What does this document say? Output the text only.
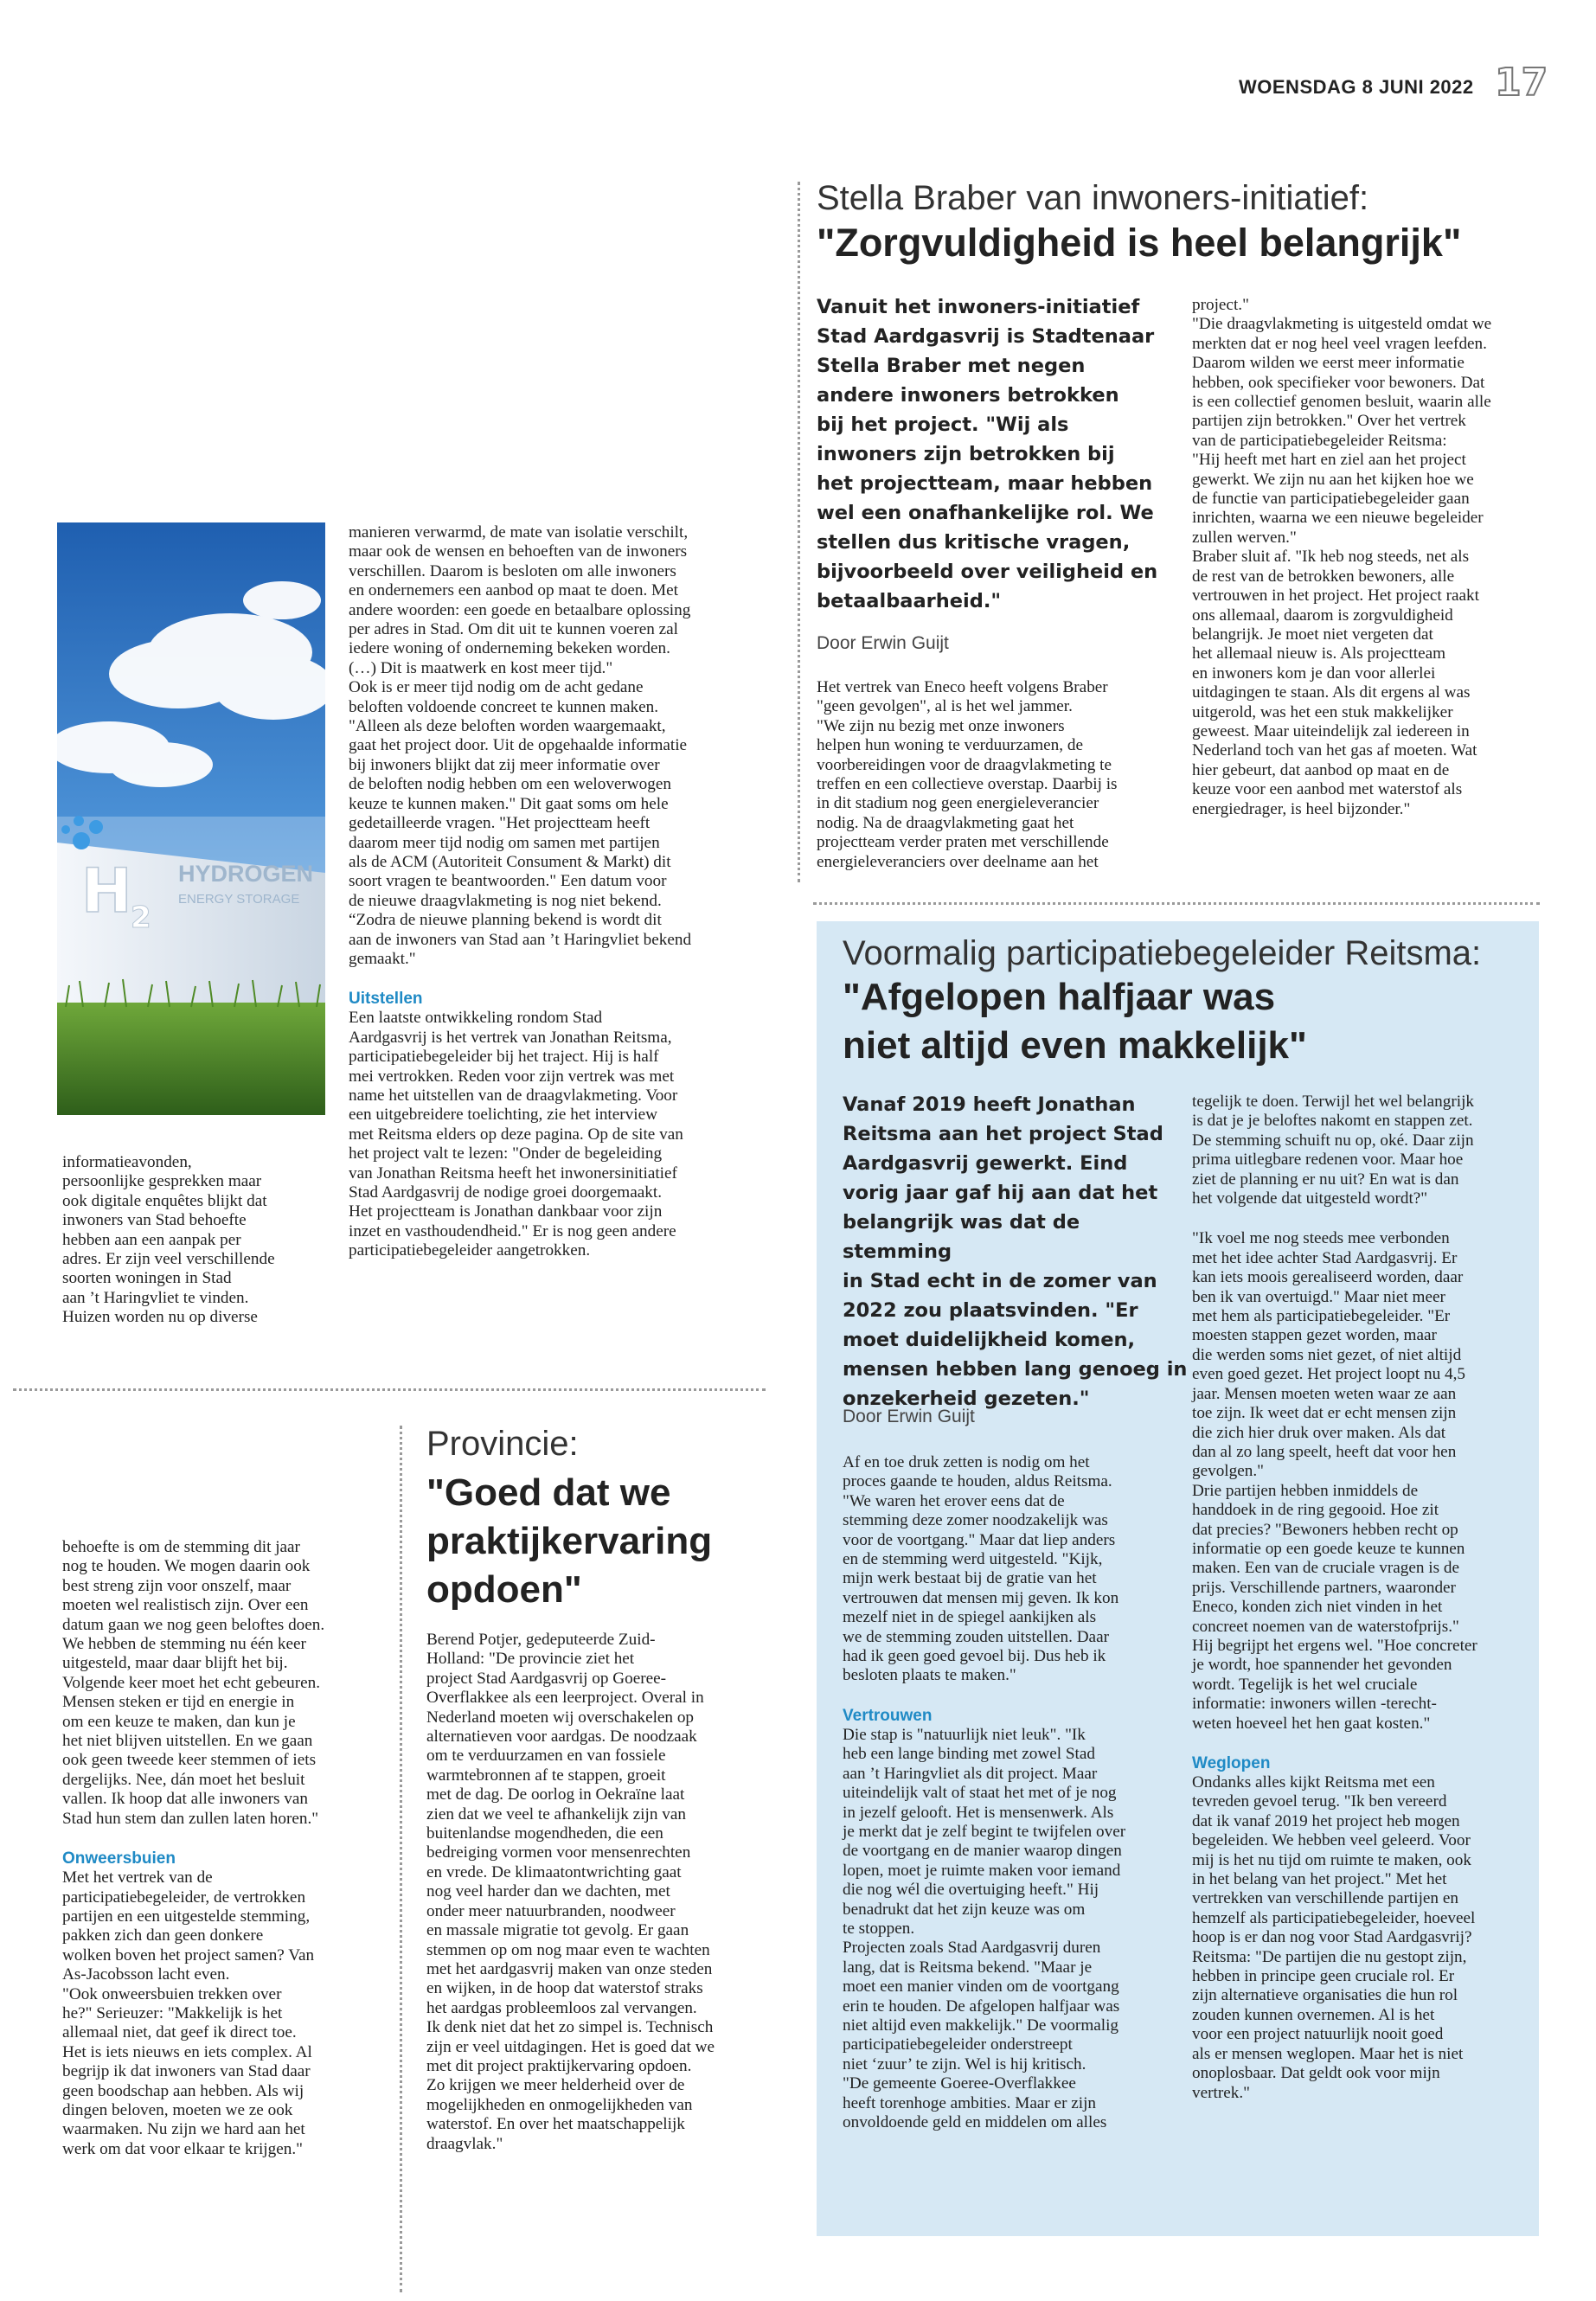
WOENSDAG 8 JUNI 2022 17
H
2
HYDROGEN
ENERGY STORAGE
informatieavonden,
persoonlijke gesprekken maar
ook digitale enquêtes blijkt dat
inwoners van Stad behoefte
hebben aan een aanpak per
adres. Er zijn veel verschillende
soorten woningen in Stad
aan ’t Haringvliet te vinden.
Huizen worden nu op diverse
manieren verwarmd, de mate van isolatie verschilt,
maar ook de wensen en behoeften van de inwoners
verschillen. Daarom is besloten om alle inwoners
en ondernemers een aanbod op maat te doen. Met
andere woorden: een goede en betaalbare oplossing
per adres in Stad. Om dit uit te kunnen voeren zal
iedere woning of onderneming bekeken worden.
(…) Dit is maatwerk en kost meer tijd."
Ook is er meer tijd nodig om de acht gedane
beloften voldoende concreet te kunnen maken.
"Alleen als deze beloften worden waargemaakt,
gaat het project door. Uit de opgehaalde informatie
bij inwoners blijkt dat zij meer informatie over
de beloften nodig hebben om een weloverwogen
keuze te kunnen maken." Dit gaat soms om hele
gedetailleerde vragen. "Het projectteam heeft
daarom meer tijd nodig om samen met partijen
als de ACM (Autoriteit Consument & Markt) dit
soort vragen te beantwoorden." Een datum voor
de nieuwe draagvlakmeting is nog niet bekend.
“Zodra de nieuwe planning bekend is wordt dit
aan de inwoners van Stad aan ’t Haringvliet bekend
gemaakt."
Uitstellen
Een laatste ontwikkeling rondom Stad
Aardgasvrij is het vertrek van Jonathan Reitsma,
participatiebegeleider bij het traject. Hij is half
mei vertrokken. Reden voor zijn vertrek was met
name het uitstellen van de draagvlakmeting. Voor
een uitgebreidere toelichting, zie het interview
met Reitsma elders op deze pagina. Op de site van
het project valt te lezen: "Onder de begeleiding
van Jonathan Reitsma heeft het inwonersinitiatief
Stad Aardgasvrij de nodige groei doorgemaakt.
Het projectteam is Jonathan dankbaar voor zijn
inzet en vasthoudendheid." Er is nog geen andere
participatiebegeleider aangetrokken.
behoefte is om de stemming dit jaar
nog te houden. We mogen daarin ook
best streng zijn voor onszelf, maar
moeten wel realistisch zijn. Over een
datum gaan we nog geen beloftes doen.
We hebben de stemming nu één keer
uitgesteld, maar daar blijft het bij.
Volgende keer moet het echt gebeuren.
Mensen steken er tijd en energie in
om een keuze te maken, dan kun je
het niet blijven uitstellen. En we gaan
ook geen tweede keer stemmen of iets
dergelijks. Nee, dán moet het besluit
vallen. Ik hoop dat alle inwoners van
Stad hun stem dan zullen laten horen."
Onweersbuien
Met het vertrek van de
participatiebegeleider, de vertrokken
partijen en een uitgestelde stemming,
pakken zich dan geen donkere
wolken boven het project samen? Van
As-Jacobsson lacht even.
"Ook onweersbuien trekken over
he?" Serieuzer: "Makkelijk is het
allemaal niet, dat geef ik direct toe.
Het is iets nieuws en iets complex. Al
begrijp ik dat inwoners van Stad daar
geen boodschap aan hebben. Als wij
dingen beloven, moeten we ze ook
waarmaken. Nu zijn we hard aan het
werk om dat voor elkaar te krijgen."
Provincie:
"Goed dat we
praktijkervaring
opdoen"
Berend Potjer, gedeputeerde Zuid-
Holland: "De provincie ziet het
project Stad Aardgasvrij op Goeree-
Overflakkee als een leerproject. Overal in
Nederland moeten wij overschakelen op
alternatieven voor aardgas. De noodzaak
om te verduurzamen en van fossiele
warmtebronnen af te stappen, groeit
met de dag. De oorlog in Oekraïne laat
zien dat we veel te afhankelijk zijn van
buitenlandse mogendheden, die een
bedreiging vormen voor mensenrechten
en vrede. De klimaatontwrichting gaat
nog veel harder dan we dachten, met
onder meer natuurbranden, noodweer
en massale migratie tot gevolg. Er gaan
stemmen op om nog maar even te wachten
met het aardgasvrij maken van onze steden
en wijken, in de hoop dat waterstof straks
het aardgas probleemloos zal vervangen.
Ik denk niet dat het zo simpel is. Technisch
zijn er veel uitdagingen. Het is goed dat we
met dit project praktijkervaring opdoen.
Zo krijgen we meer helderheid over de
mogelijkheden en onmogelijkheden van
waterstof. En over het maatschappelijk
draagvlak."
Stella Braber van inwoners-initiatief:
"Zorgvuldigheid is heel belangrijk"
Vanuit het inwoners-initiatief
Stad Aardgasvrij is Stadtenaar
Stella Braber met negen
andere inwoners betrokken
bij het project. "Wij als
inwoners zijn betrokken bij
het projectteam, maar hebben
wel een onafhankelijke rol. We
stellen dus kritische vragen,
bijvoorbeeld over veiligheid en
betaalbaarheid."
Door Erwin Guijt
Het vertrek van Eneco heeft volgens Braber
"geen gevolgen", al is het wel jammer.
"We zijn nu bezig met onze inwoners
helpen hun woning te verduurzamen, de
voorbereidingen voor de draagvlakmeting te
treffen en een collectieve overstap. Daarbij is
in dit stadium nog geen energieleverancier
nodig. Na de draagvlakmeting gaat het
projectteam verder praten met verschillende
energieleveranciers over deelname aan het
project."
"Die draagvlakmeting is uitgesteld omdat we
merkten dat er nog heel veel vragen leefden.
Daarom wilden we eerst meer informatie
hebben, ook specifieker voor bewoners. Dat
is een collectief genomen besluit, waarin alle
partijen zijn betrokken." Over het vertrek
van de participatiebegeleider Reitsma:
"Hij heeft met hart en ziel aan het project
gewerkt. We zijn nu aan het kijken hoe we
de functie van participatiebegeleider gaan
inrichten, waarna we een nieuwe begeleider
zullen werven."
Braber sluit af. "Ik heb nog steeds, net als
de rest van de betrokken bewoners, alle
vertrouwen in het project. Het project raakt
ons allemaal, daarom is zorgvuldigheid
belangrijk. Je moet niet vergeten dat
het allemaal nieuw is. Als projectteam
en inwoners kom je dan voor allerlei
uitdagingen te staan. Als dit ergens al was
uitgerold, was het een stuk makkelijker
geweest. Maar uiteindelijk zal iedereen in
Nederland toch van het gas af moeten. Wat
hier gebeurt, dat aanbod op maat en de
keuze voor een aanbod met waterstof als
energiedrager, is heel bijzonder."
Voormalig participatiebegeleider Reitsma:
"Afgelopen halfjaar was
niet altijd even makkelijk"
Vanaf 2019 heeft Jonathan
Reitsma aan het project Stad
Aardgasvrij gewerkt. Eind
vorig jaar gaf hij aan dat het
belangrijk was dat de stemming
in Stad echt in de zomer van
2022 zou plaatsvinden. "Er
moet duidelijkheid komen,
mensen hebben lang genoeg in
onzekerheid gezeten."
Door Erwin Guijt
Af en toe druk zetten is nodig om het
proces gaande te houden, aldus Reitsma.
"We waren het erover eens dat de
stemming deze zomer noodzakelijk was
voor de voortgang." Maar dat liep anders
en de stemming werd uitgesteld. "Kijk,
mijn werk bestaat bij de gratie van het
vertrouwen dat mensen mij geven. Ik kon
mezelf niet in de spiegel aankijken als
we de stemming zouden uitstellen. Daar
had ik geen goed gevoel bij. Dus heb ik
besloten plaats te maken."
Vertrouwen
Die stap is "natuurlijk niet leuk". "Ik
heb een lange binding met zowel Stad
aan ’t Haringvliet als dit project. Maar
uiteindelijk valt of staat het met of je nog
in jezelf gelooft. Het is mensenwerk. Als
je merkt dat je zelf begint te twijfelen over
de voortgang en de manier waarop dingen
lopen, moet je ruimte maken voor iemand
die nog wél die overtuiging heeft." Hij
benadrukt dat het zijn keuze was om
te stoppen.
Projecten zoals Stad Aardgasvrij duren
lang, dat is Reitsma bekend. "Maar je
moet een manier vinden om de voortgang
erin te houden. De afgelopen halfjaar was
niet altijd even makkelijk." De voormalig
participatiebegeleider onderstreept
niet ‘zuur’ te zijn. Wel is hij kritisch.
"De gemeente Goeree-Overflakkee
heeft torenhoge ambities. Maar er zijn
onvoldoende geld en middelen om alles
tegelijk te doen. Terwijl het wel belangrijk
is dat je je beloftes nakomt en stappen zet.
De stemming schuift nu op, oké. Daar zijn
prima uitlegbare redenen voor. Maar hoe
ziet de planning er nu uit? En wat is dan
het volgende dat uitgesteld wordt?"
"Ik voel me nog steeds mee verbonden
met het idee achter Stad Aardgasvrij. Er
kan iets moois gerealiseerd worden, daar
ben ik van overtuigd." Maar niet meer
met hem als participatiebegeleider. "Er
moesten stappen gezet worden, maar
die werden soms niet gezet, of niet altijd
even goed gezet. Het project loopt nu 4,5
jaar. Mensen moeten weten waar ze aan
toe zijn. Ik weet dat er echt mensen zijn
die zich hier druk over maken. Als dat
dan al zo lang speelt, heeft dat voor hen
gevolgen."
Drie partijen hebben inmiddels de
handdoek in de ring gegooid. Hoe zit
dat precies? "Bewoners hebben recht op
informatie op een goede keuze te kunnen
maken. Een van de cruciale vragen is de
prijs. Verschillende partners, waaronder
Eneco, konden zich niet vinden in het
concreet noemen van de waterstofprijs."
Hij begrijpt het ergens wel. "Hoe concreter
je wordt, hoe spannender het gevonden
wordt. Tegelijk is het wel cruciale
informatie: inwoners willen -terecht-
weten hoeveel het hen gaat kosten."
Weglopen
Ondanks alles kijkt Reitsma met een
tevreden gevoel terug. "Ik ben vereerd
dat ik vanaf 2019 het project heb mogen
begeleiden. We hebben veel geleerd. Voor
mij is het nu tijd om ruimte te maken, ook
in het belang van het project." Met het
vertrekken van verschillende partijen en
hemzelf als participatiebegeleider, hoeveel
hoop is er dan nog voor Stad Aardgasvrij?
Reitsma: "De partijen die nu gestopt zijn,
hebben in principe geen cruciale rol. Er
zijn alternatieve organisaties die hun rol
zouden kunnen overnemen. Al is het
voor een project natuurlijk nooit goed
als er mensen weglopen. Maar het is niet
onoplosbaar. Dat geldt ook voor mijn
vertrek."
